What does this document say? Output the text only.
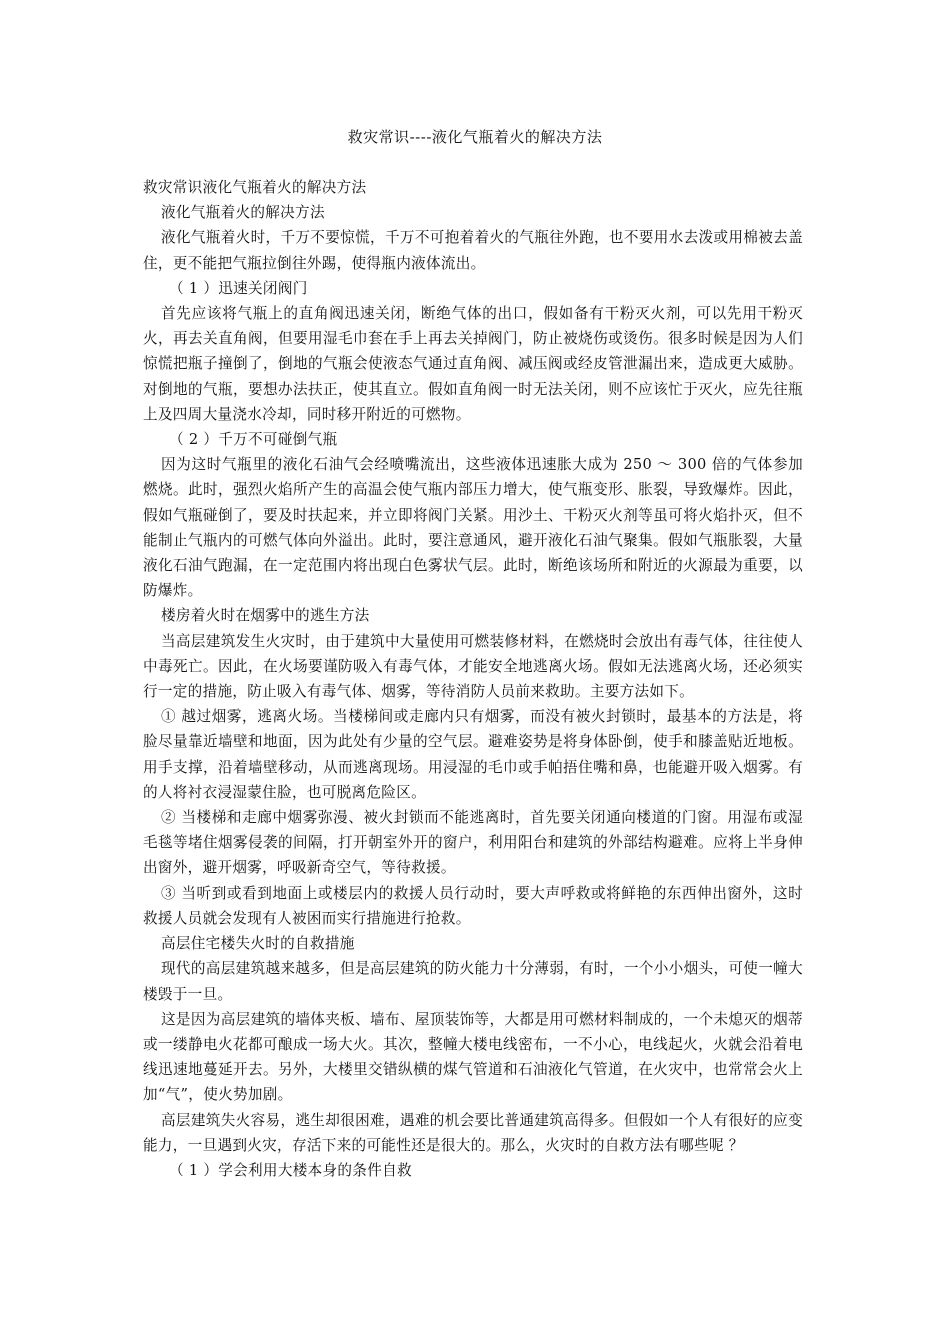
救灾常识----液化气瓶着火的解决方法

救灾常识液化气瓶着火的解决方法

液化气瓶着火的解决方法

液化气瓶着火时，千万不要惊慌，千万不可抱着着火的气瓶往外跑，也不要用水去泼或用棉被去盖住，更不能把气瓶拉倒往外踢，使得瓶内液体流出。

（ 1 ）迅速关闭阀门

首先应该将气瓶上的直角阀迅速关闭，断绝气体的出口，假如备有干粉灭火剂，可以先用干粉灭火，再去关直角阀，但要用湿毛巾套在手上再去关掉阀门，防止被烧伤或烫伤。很多时候是因为人们惊慌把瓶子撞倒了，倒地的气瓶会使液态气通过直角阀、减压阀或经皮管泄漏出来，造成更大威胁。对倒地的气瓶，要想办法扶正，使其直立。假如直角阀一时无法关闭，则不应该忙于灭火，应先往瓶上及四周大量浇水冷却，同时移开附近的可燃物。

（ 2 ）千万不可碰倒气瓶

因为这时气瓶里的液化石油气会经喷嘴流出，这些液体迅速胀大成为 250 ～ 300 倍的气体参加燃烧。此时，强烈火焰所产生的高温会使气瓶内部压力增大，使气瓶变形、胀裂，导致爆炸。因此，假如气瓶碰倒了，要及时扶起来，并立即将阀门关紧。用沙土、干粉灭火剂等虽可将火焰扑灭，但不能制止气瓶内的可燃气体向外溢出。此时，要注意通风，避开液化石油气聚集。假如气瓶胀裂，大量液化石油气跑漏，在一定范围内将出现白色雾状气层。此时，断绝该场所和附近的火源最为重要，以防爆炸。

楼房着火时在烟雾中的逃生方法

当高层建筑发生火灾时，由于建筑中大量使用可燃装修材料，在燃烧时会放出有毒气体，往往使人中毒死亡。因此，在火场要谨防吸入有毒气体，才能安全地逃离火场。假如无法逃离火场，还必须实行一定的措施，防止吸入有毒气体、烟雾，等待消防人员前来救助。主要方法如下。

① 越过烟雾，逃离火场。当楼梯间或走廊内只有烟雾，而没有被火封锁时，最基本的方法是，将脸尽量靠近墙壁和地面，因为此处有少量的空气层。避难姿势是将身体卧倒，使手和膝盖贴近地板。用手支撑，沿着墙壁移动，从而逃离现场。用浸湿的毛巾或手帕捂住嘴和鼻，也能避开吸入烟雾。有的人将衬衣浸湿蒙住脸，也可脱离危险区。

② 当楼梯和走廊中烟雾弥漫、被火封锁而不能逃离时，首先要关闭通向楼道的门窗。用湿布或湿毛毯等堵住烟雾侵袭的间隔，打开朝室外开的窗户，利用阳台和建筑的外部结构避难。应将上半身伸出窗外，避开烟雾，呼吸新奇空气，等待救援。

③ 当听到或看到地面上或楼层内的救援人员行动时，要大声呼救或将鲜艳的东西伸出窗外，这时救援人员就会发现有人被困而实行措施进行抢救。

高层住宅楼失火时的自救措施

现代的高层建筑越来越多，但是高层建筑的防火能力十分薄弱，有时，一个小小烟头，可使一幢大楼毁于一旦。

这是因为高层建筑的墙体夹板、墙布、屋顶装饰等，大都是用可燃材料制成的，一个未熄灭的烟蒂或一缕静电火花都可酿成一场大火。其次，整幢大楼电线密布，一不小心，电线起火，火就会沿着电线迅速地蔓延开去。另外，大楼里交错纵横的煤气管道和石油液化气管道，在火灾中，也常常会火上加“气”，使火势加剧。

高层建筑失火容易，逃生却很困难，遇难的机会要比普通建筑高得多。但假如一个人有很好的应变能力，一旦遇到火灾，存活下来的可能性还是很大的。那么，火灾时的自救方法有哪些呢 ？

（ 1 ）学会利用大楼本身的条件自救
